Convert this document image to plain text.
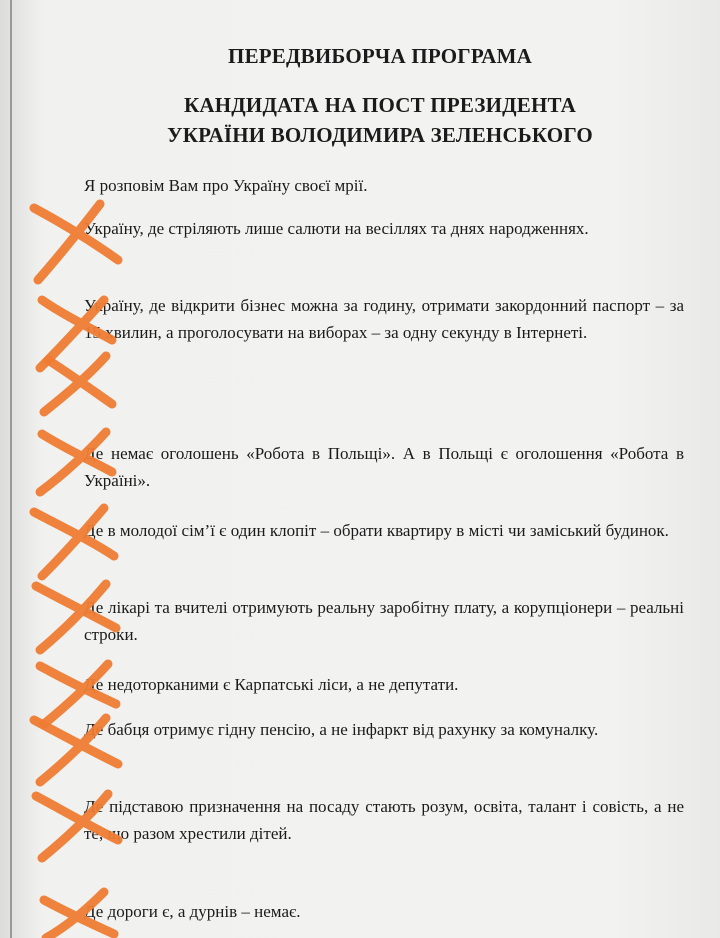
ПЕРЕДВИБОРЧА ПРОГРАМА
КАНДИДАТА НА ПОСТ ПРЕЗИДЕНТА
УКРАЇНИ ВОЛОДИМИРА ЗЕЛЕНСЬКОГО
Я розповім Вам про Україну своєї мрії.
Україну, де стріляють лише салюти на весіллях та днях народженнях.
Україну, де відкрити бізнес можна за годину, отримати закордонний паспорт – за 15 хвилин, а проголосувати на виборах – за одну секунду в Інтернеті.
Де немає оголошень «Робота в Польщі». А в Польщі є оголошення «Робота в Україні».
Де в молодої сім’ї є один клопіт – обрати квартиру в місті чи заміський будинок.
Де лікарі та вчителі отримують реальну заробітну плату, а корупціонери – реальні строки.
Де недоторканими є Карпатські ліси, а не депутати.
Де бабця отримує гідну пенсію, а не інфаркт від рахунку за комуналку.
Де підставою призначення на посаду стають розум, освіта, талант і совість, а не те, що разом хрестили дітей.
Де дороги є, а дурнів – немає.
